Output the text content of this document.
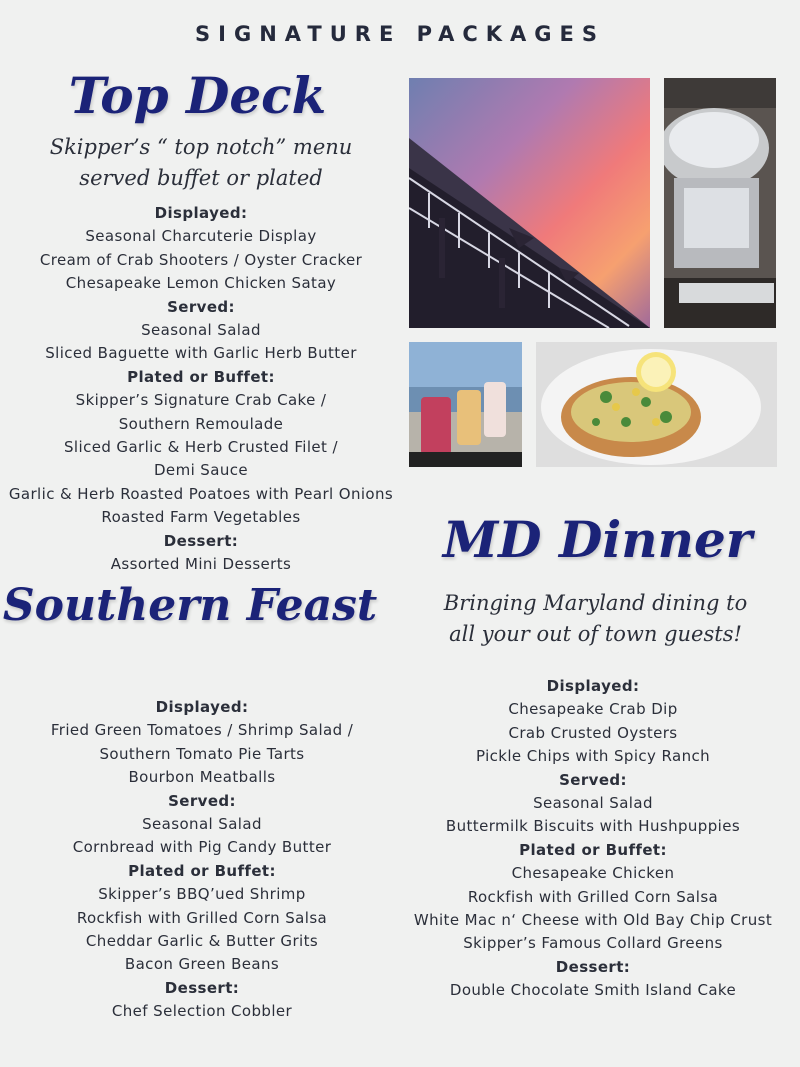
SIGNATURE PACKAGES
Top Deck
Skipper’s “ top notch” menu
served buffet or plated
Displayed:
Seasonal Charcuterie Display
Cream of Crab Shooters / Oyster Cracker
Chesapeake Lemon Chicken Satay
Served:
Seasonal Salad
Sliced Baguette with Garlic Herb Butter
Plated or Buffet:
Skipper’s Signature Crab Cake /
Southern Remoulade
Sliced Garlic & Herb Crusted Filet /
Demi Sauce
Garlic & Herb Roasted Poatoes with Pearl Onions
Roasted Farm Vegetables
Dessert:
Assorted Mini Desserts
Southern Feast
Displayed:
Fried Green Tomatoes / Shrimp Salad /
Southern Tomato Pie Tarts
Bourbon Meatballs
Served:
Seasonal Salad
Cornbread with Pig Candy Butter
Plated or Buffet:
Skipper’s BBQ’ued Shrimp
Rockfish with Grilled Corn Salsa
Cheddar Garlic & Butter Grits
Bacon Green Beans
Dessert:
Chef Selection Cobbler
MD Dinner
Bringing Maryland dining to
all your out of town guests!
Displayed:
Chesapeake Crab Dip
Crab Crusted Oysters
Pickle Chips with Spicy Ranch
Served:
Seasonal Salad
Buttermilk Biscuits with Hushpuppies
Plated or Buffet:
Chesapeake Chicken
Rockfish with Grilled Corn Salsa
White Mac n‘ Cheese with Old Bay Chip Crust
Skipper’s Famous Collard Greens
Dessert:
Double Chocolate Smith Island Cake
